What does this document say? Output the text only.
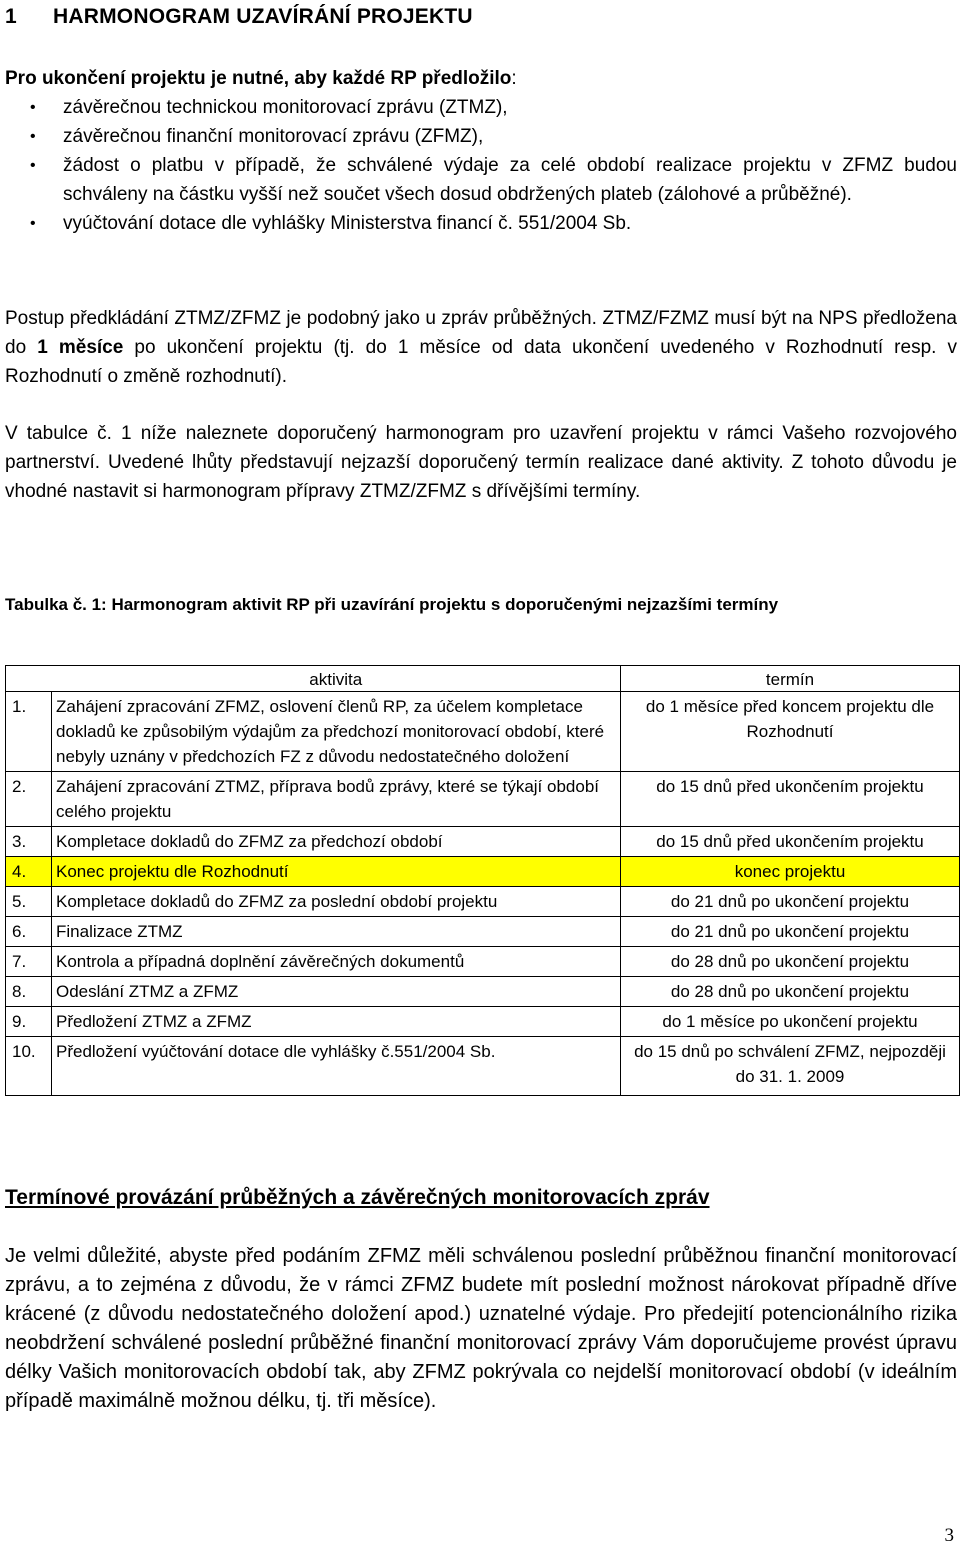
1 HARMONOGRAM UZAVÍRÁNÍ PROJEKTU
Pro ukončení projektu je nutné, aby každé RP předložilo:
• závěrečnou technickou monitorovací zprávu (ZTMZ),
• závěrečnou finanční monitorovací zprávu (ZFMZ),
• žádost o platbu v případě, že schválené výdaje za celé období realizace projektu v ZFMZ budou schváleny na částku vyšší než součet všech dosud obdržených plateb (zálohové a průběžné).
• vyúčtování dotace dle vyhlášky Ministerstva financí č. 551/2004 Sb.
Postup předkládání ZTMZ/ZFMZ je podobný jako u zpráv průběžných. ZTMZ/FZMZ musí být na NPS předložena do 1 měsíce po ukončení projektu (tj. do 1 měsíce od data ukončení uvedeného v Rozhodnutí resp. v Rozhodnutí o změně rozhodnutí).
V tabulce č. 1 níže naleznete doporučený harmonogram pro uzavření projektu v rámci Vašeho rozvojového partnerství. Uvedené lhůty představují nejzazší doporučený termín realizace dané aktivity. Z tohoto důvodu je vhodné nastavit si harmonogram přípravy ZTMZ/ZFMZ s dřívějšími termíny.
Tabulka č. 1: Harmonogram aktivit RP při uzavírání projektu s doporučenými nejzazšími termíny
	aktivita	termín
1.	Zahájení zpracování ZFMZ, oslovení členů RP, za účelem kompletace dokladů ke způsobilým výdajům za předchozí monitorovací období, které nebyly uznány v předchozích FZ z důvodu nedostatečného doložení	do 1 měsíce před koncem projektu dle Rozhodnutí
2.	Zahájení zpracování ZTMZ, příprava bodů zprávy, které se týkají období celého projektu	do 15 dnů před ukončením projektu
3.	Kompletace dokladů do ZFMZ za předchozí období	do 15 dnů před ukončením projektu
4.	Konec projektu dle Rozhodnutí	konec projektu
5.	Kompletace dokladů do ZFMZ za poslední období projektu	do 21 dnů po ukončení projektu
6.	Finalizace ZTMZ	do 21 dnů po ukončení projektu
7.	Kontrola a případná doplnění závěrečných dokumentů	do 28 dnů po ukončení projektu
8.	Odeslání ZTMZ a ZFMZ	do 28 dnů po ukončení projektu
9.	Předložení ZTMZ a ZFMZ	do 1 měsíce po ukončení projektu
10.	Předložení vyúčtování dotace dle vyhlášky č.551/2004 Sb.	do 15 dnů po schválení ZFMZ, nejpozději do 31. 1. 2009
Termínové provázání průběžných a závěrečných monitorovacích zpráv
Je velmi důležité, abyste před podáním ZFMZ měli schválenou poslední průběžnou finanční monitorovací zprávu, a to zejména z důvodu, že v rámci ZFMZ budete mít poslední možnost nárokovat případně dříve krácené (z důvodu nedostatečného doložení apod.) uznatelné výdaje. Pro předejití potencionálního rizika neobdržení schválené poslední průběžné finanční monitorovací zprávy Vám doporučujeme provést úpravu délky Vašich monitorovacích období tak, aby ZFMZ pokrývala co nejdelší monitorovací období (v ideálním případě maximálně možnou délku, tj. tři měsíce).
3
